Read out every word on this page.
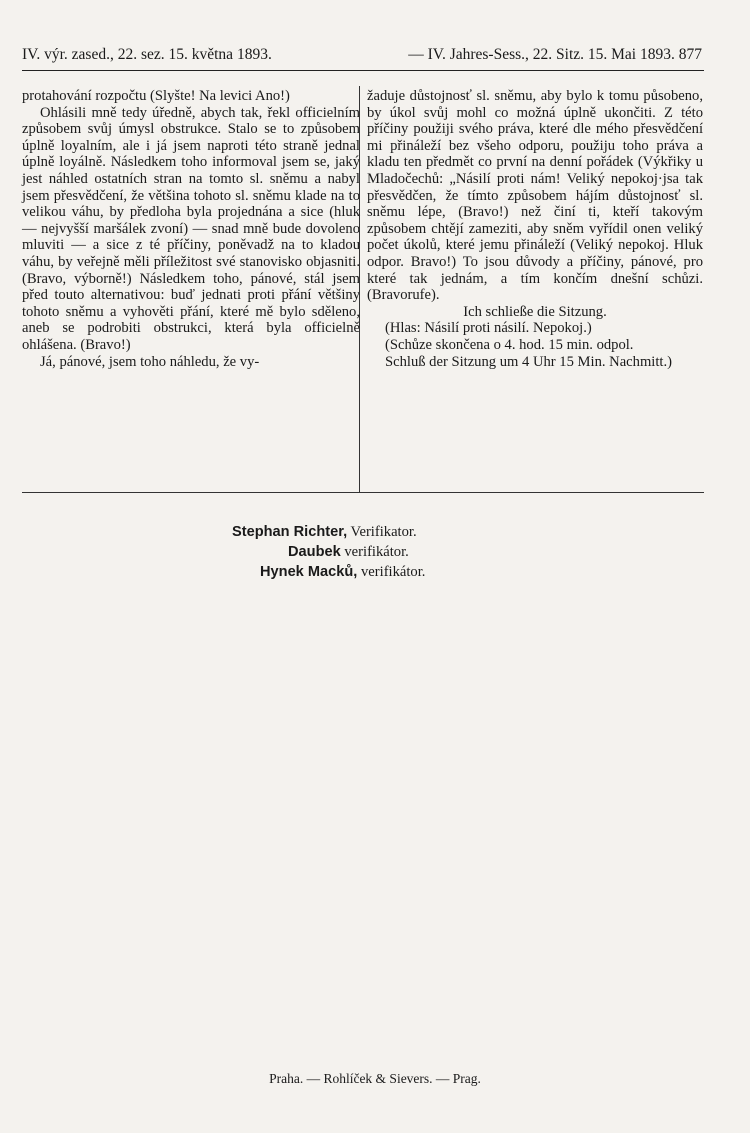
IV. výr. zased., 22. sez. 15. května 1893.	— IV. Jahres-Sess., 22. Sitz. 15. Mai 1893. 877

protahování rozpočtu (Slyšte! Na levici Ano!)

Ohlásili mně tedy úředně, abych tak, řekl officielním způsobem svůj úmysl obstrukce. Stalo se to způsobem úplně loyalním, ale i já jsem naproti této straně jednal úplně loyálně. Následkem toho informoval jsem se, jaký jest náhled ostatních stran na tomto sl. sněmu a nabyl jsem přesvědčení, že většina tohoto sl. sněmu klade na to velikou váhu, by předloha byla projednána a sice (hluk — nejvyšší maršálek zvoní) — snad mně bude dovoleno mluviti — a sice z té příčiny, poněvadž na to kladou váhu, by veřejně měli příležitost své stanovisko objasniti. (Bravo, výborně!) Následkem toho, pánové, stál jsem před touto alternativou: buď jednati proti přání většiny tohoto sněmu a vyhověti přání, které mě bylo sděleno, aneb se podrobiti obstrukci, která byla officielně ohlášena. (Bravo!)

Já, pánové, jsem toho náhledu, že vy-

žaduje důstojnosť sl. sněmu, aby bylo k tomu působeno, by úkol svůj mohl co možná úplně ukončiti. Z této příčiny použiji svého práva, které dle mého přesvědčení mi přináleží bez všeho odporu, použiju toho práva a kladu ten předmět co první na denní pořádek (Výkřiky u Mladočechů: „Násilí proti nám! Veliký nepokoj·jsa tak přesvědčen, že tímto způsobem hájím důstojnosť sl. sněmu lépe, (Bravo!) než činí ti, kteří takovým způsobem chtějí zameziti, aby sněm vyřídil onen veliký počet úkolů, které jemu přináleží (Veliký nepokoj. Hluk odpor. Bravo!) To jsou důvody a příčiny, pánové, pro které tak jednám, a tím končím dnešní schůzi. (Bravorufe).

Ich schließe die Sitzung.

(Hlas: Násilí proti násilí. Nepokoj.)

(Schůze skončena o 4. hod. 15 min. odpol.

Schluß der Sitzung um 4 Uhr 15 Min. Nachmitt.)

Stephan Richter, Verifikator.
Daubek verifikátor.
Hynek Macků, verifikátor.
Praha. — Rohlíček & Sievers. — Prag.
